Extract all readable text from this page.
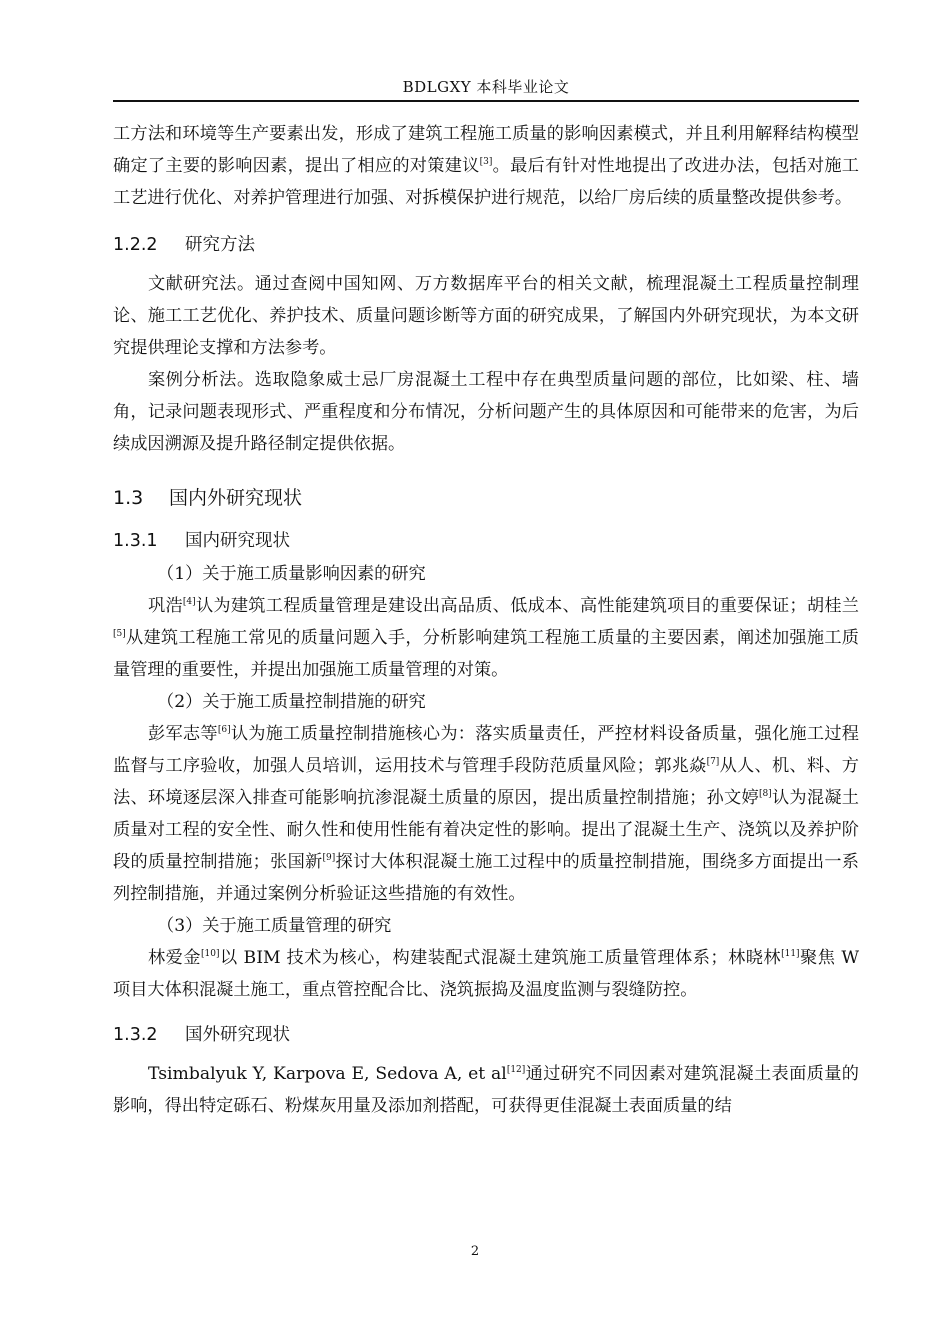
BDLGXY 本科毕业论文

工方法和环境等生产要素出发，形成了建筑工程施工质量的影响因素模式，并且利用解释结构模型确定了主要的影响因素，提出了相应的对策建议[3]。最后有针对性地提出了改进办法，包括对施工工艺进行优化、对养护管理进行加强、对拆模保护进行规范，以给厂房后续的质量整改提供参考。

1.2.2 研究方法

文献研究法。通过查阅中国知网、万方数据库平台的相关文献，梳理混凝土工程质量控制理论、施工工艺优化、养护技术、质量问题诊断等方面的研究成果，了解国内外研究现状，为本文研究提供理论支撑和方法参考。

案例分析法。选取隐象威士忌厂房混凝土工程中存在典型质量问题的部位，比如梁、柱、墙角，记录问题表现形式、严重程度和分布情况，分析问题产生的具体原因和可能带来的危害，为后续成因溯源及提升路径制定提供依据。

1.3 国内外研究现状
1.3.1 国内研究现状

（1）关于施工质量影响因素的研究

巩浩[4]认为建筑工程质量管理是建设出高品质、低成本、高性能建筑项目的重要保证；胡桂兰[5]从建筑工程施工常见的质量问题入手，分析影响建筑工程施工质量的主要因素，阐述加强施工质量管理的重要性，并提出加强施工质量管理的对策。

（2）关于施工质量控制措施的研究

彭军志等[6]认为施工质量控制措施核心为：落实质量责任，严控材料设备质量，强化施工过程监督与工序验收，加强人员培训，运用技术与管理手段防范质量风险；郭兆焱[7]从人、机、料、方法、环境逐层深入排查可能影响抗渗混凝土质量的原因，提出质量控制措施；孙文婷[8]认为混凝土质量对工程的安全性、耐久性和使用性能有着决定性的影响。提出了混凝土生产、浇筑以及养护阶段的质量控制措施；张国新[9]探讨大体积混凝土施工过程中的质量控制措施，围绕多方面提出一系列控制措施，并通过案例分析验证这些措施的有效性。

（3）关于施工质量管理的研究

林爱金[10]以 BIM 技术为核心，构建装配式混凝土建筑施工质量管理体系；林晓林[11]聚焦 W 项目大体积混凝土施工，重点管控配合比、浇筑振捣及温度监测与裂缝防控。

1.3.2 国外研究现状

Tsimbalyuk Y, Karpova E, Sedova A, et al[12]通过研究不同因素对建筑混凝土表面质量的影响，得出特定砾石、粉煤灰用量及添加剂搭配，可获得更佳混凝土表面质量的结

2
